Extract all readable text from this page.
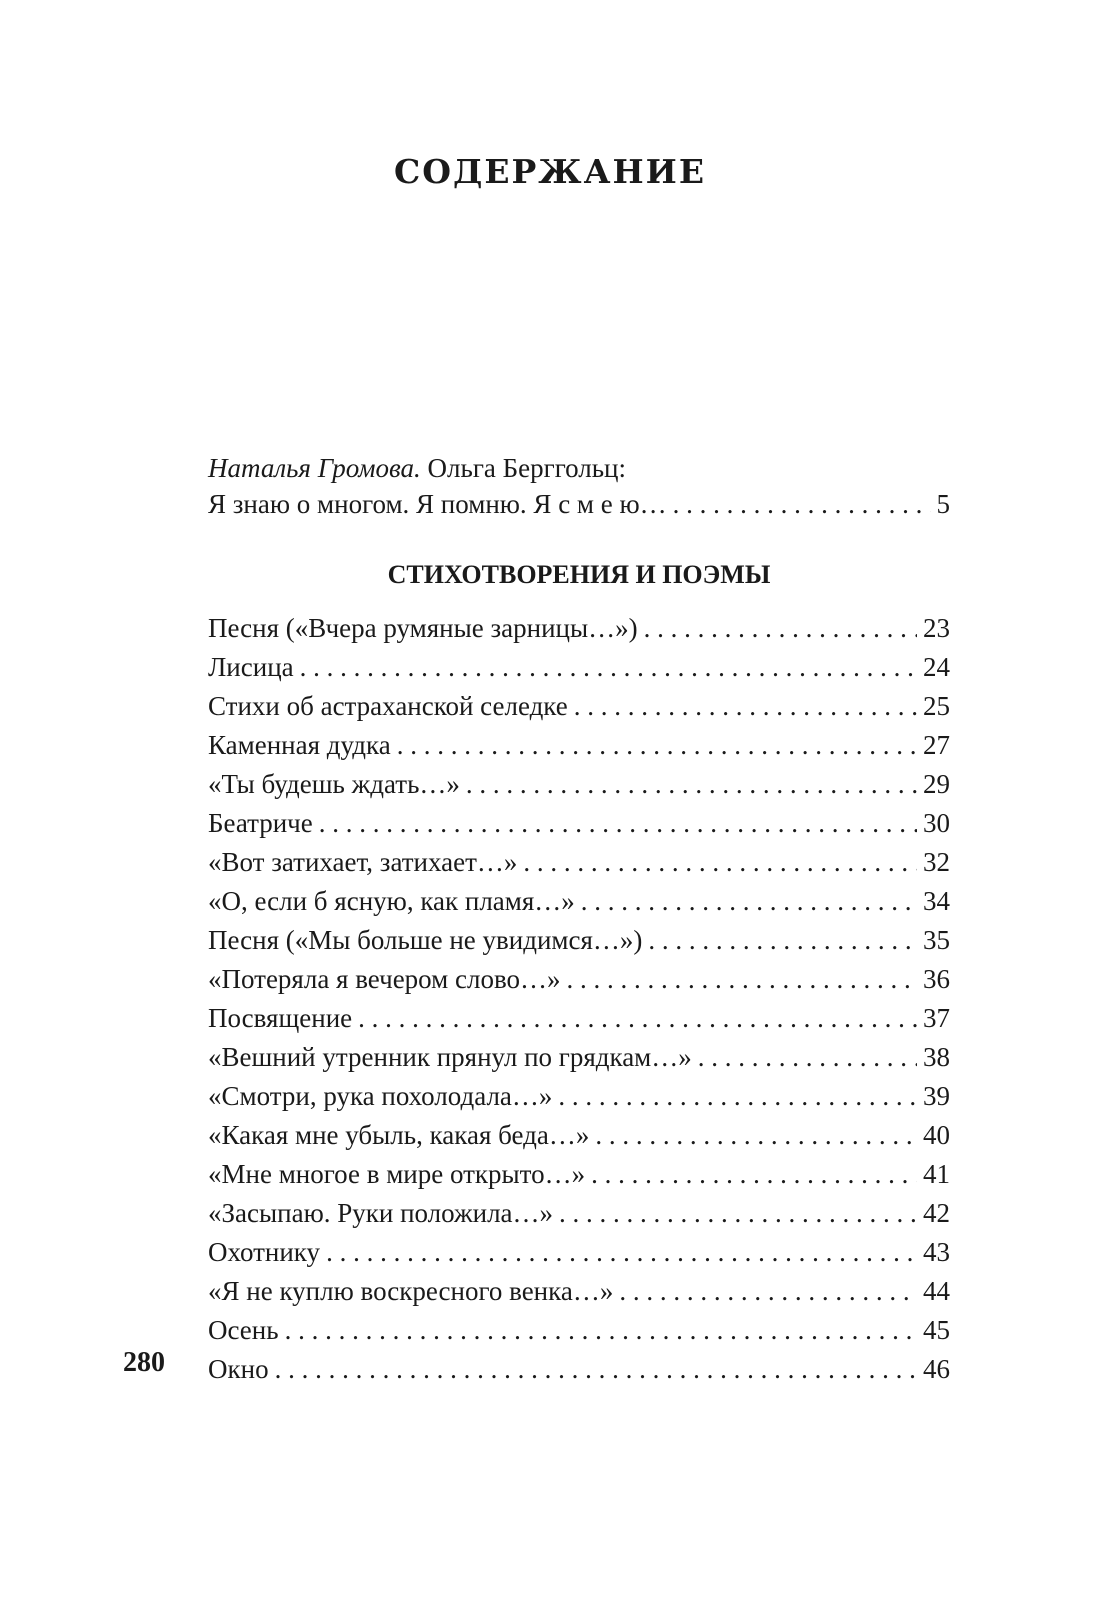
СОДЕРЖАНИЕ
Наталья Громова. Ольга Берггольц:
Я знаю о многом. Я помню. Я с м е ю… . . .	5
СТИХОТВОРЕНИЯ И ПОЭМЫ
Песня («Вчера румяные зарницы…») . . .	23
Лисица . . .	24
Стихи об астраханской селедке . . .	25
Каменная дудка . . .	27
«Ты будешь ждать…» . . .	29
Беатриче . . .	30
«Вот затихает, затихает…» . . .	32
«О, если б ясную, как пламя…» . . .	34
Песня («Мы больше не увидимся…») . . .	35
«Потеряла я вечером слово…» . . .	36
Посвящение . . .	37
«Вешний утренник прянул по грядкам…» . . .	38
«Смотри, рука похолодала…» . . .	39
«Какая мне убыль, какая беда…» . . .	40
«Мне многое в мире открыто…» . . .	41
«Засыпаю. Руки положила…» . . .	42
Охотнику . . .	43
«Я не куплю воскресного венка…» . . .	44
Осень . . .	45
Окно . . .	46
280
